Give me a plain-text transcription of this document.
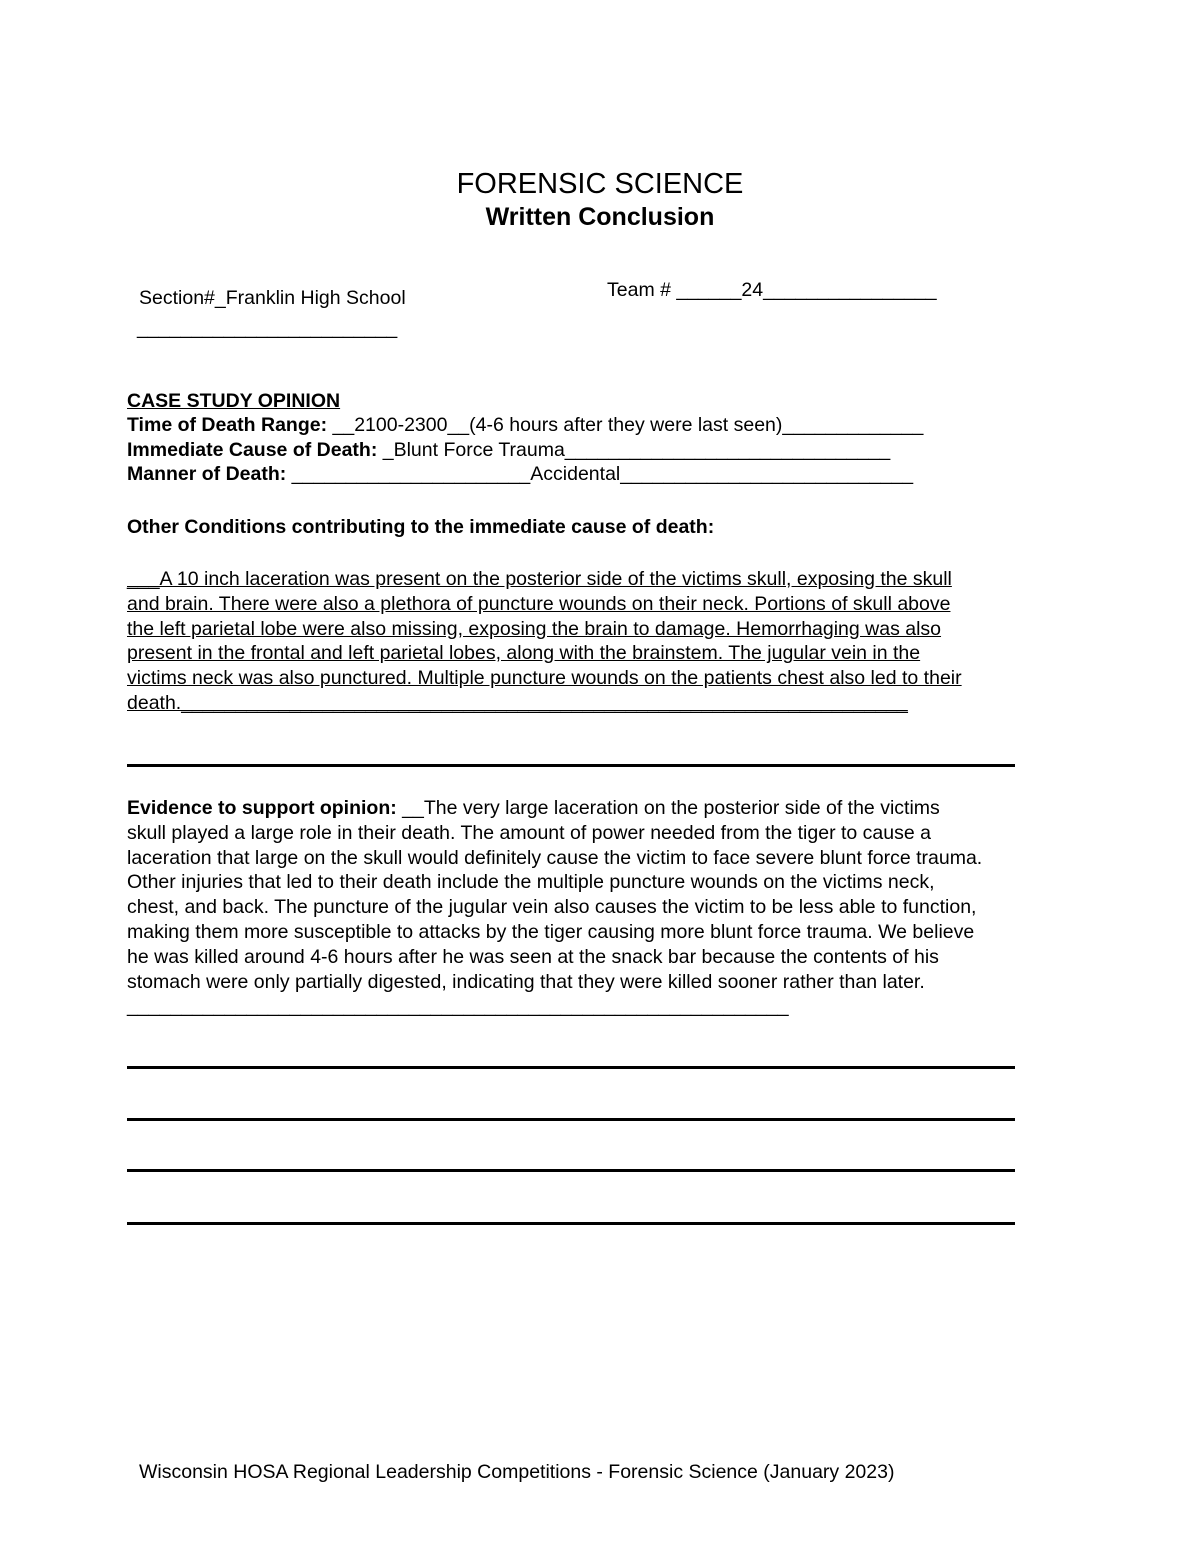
FORENSIC SCIENCE
Written Conclusion
Section#_Franklin High School
________________________
Team # ______24________________
CASE STUDY OPINION
Time of Death Range: __2100-2300__(4-6 hours after they were last seen)_____________
Immediate Cause of Death: _Blunt Force Trauma______________________________
Manner of Death: ______________________Accidental___________________________
Other Conditions contributing to the immediate cause of death:
___A 10 inch laceration was present on the posterior side of the victims skull, exposing the skull
and brain. There were also a plethora of puncture wounds on their neck. Portions of skull above
the left parietal lobe were also missing, exposing the brain to damage. Hemorrhaging was also
present in the frontal and left parietal lobes, along with the brainstem. The jugular vein in the
victims neck was also punctured. Multiple puncture wounds on the patients chest also led to their
death.___________________________________________________________________
Evidence to support opinion: __The very large laceration on the posterior side of the victims
skull played a large role in their death. The amount of power needed from the tiger to cause a
laceration that large on the skull would definitely cause the victim to face severe blunt force trauma.
Other injuries that led to their death include the multiple puncture wounds on the victims neck,
chest, and back. The puncture of the jugular vein also causes the victim to be less able to function,
making them more susceptible to attacks by the tiger causing more blunt force trauma. We believe
he was killed around 4-6 hours after he was seen at the snack bar because the contents of his
stomach were only partially digested, indicating that they were killed sooner rather than later.
_____________________________________________________________
Wisconsin HOSA Regional Leadership Competitions - Forensic Science (January 2023)
